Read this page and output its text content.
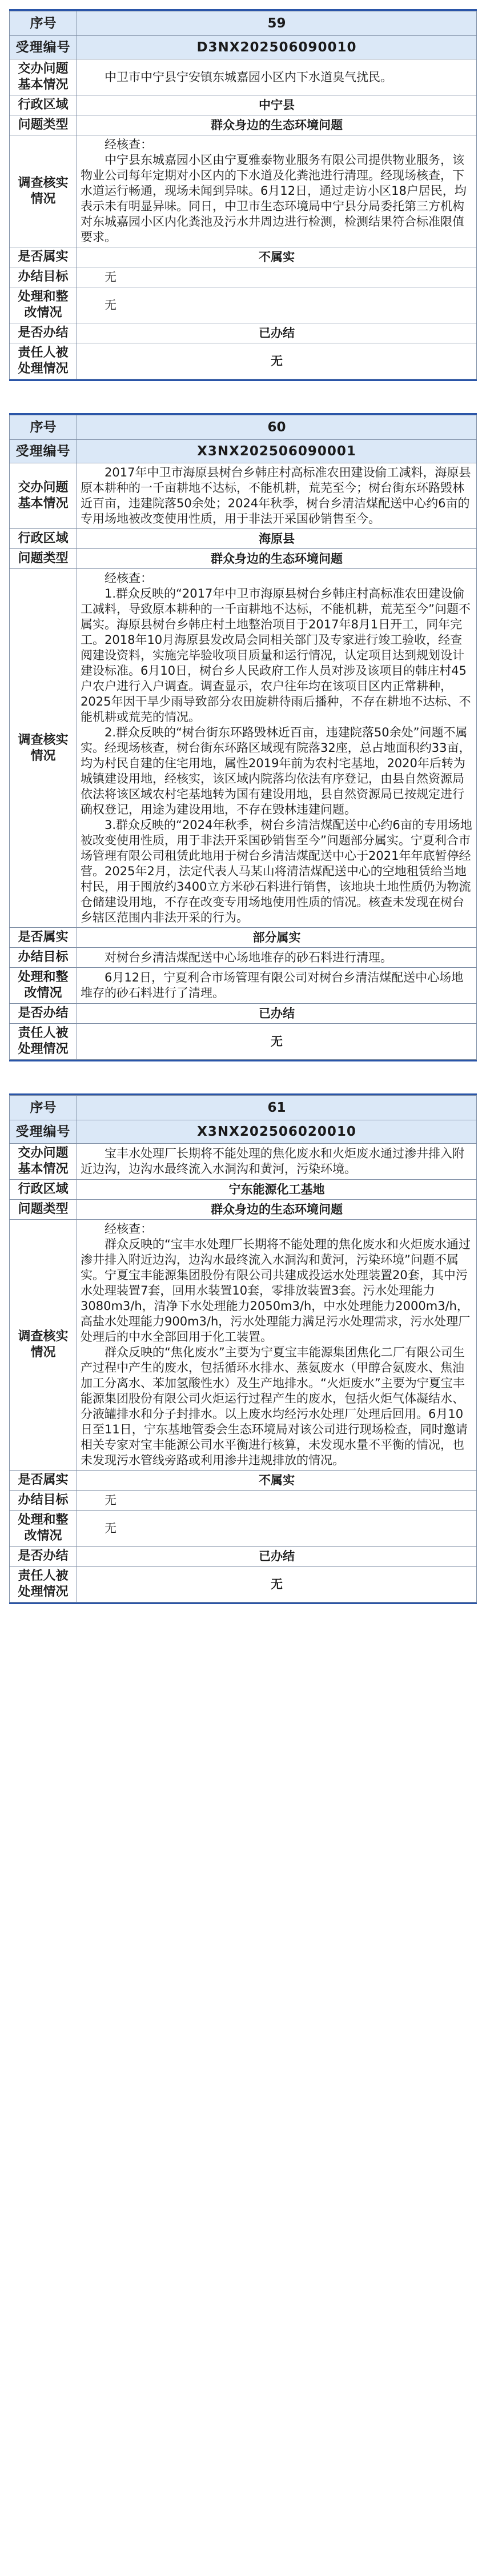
序号	59
受理编号	D3NX202506090010
交办问题基本情况	中卫市中宁县宁安镇东城嘉园小区内下水道臭气扰民。

行政区域	中宁县
问题类型	群众身边的生态环境问题
调查核实情况	经核查：

中宁县东城嘉园小区由宁夏雅泰物业服务有限公司提供物业服务，该物业公司每年定期对小区内的下水道及化粪池进行清理。经现场核查，下水道运行畅通，现场未闻到异味。6月12日，通过走访小区18户居民，均表示未有明显异味。同日，中卫市生态环境局中宁县分局委托第三方机构对东城嘉园小区内化粪池及污水井周边进行检测，检测结果符合标准限值要求。

是否属实	不属实
办结目标	无

处理和整改情况	无

是否办结	已办结
责任人被处理情况	无
序号	60
受理编号	X3NX202506090001
交办问题基本情况	2017年中卫市海原县树台乡韩庄村高标准农田建设偷工减料，海原县原本耕种的一千亩耕地不达标，不能机耕，荒芜至今；树台街东环路毁林近百亩，违建院落50余处；2024年秋季，树台乡清洁煤配送中心约6亩的专用场地被改变使用性质，用于非法开采国砂销售至今。

行政区域	海原县
问题类型	群众身边的生态环境问题
调查核实情况	经核查：

1.群众反映的“2017年中卫市海原县树台乡韩庄村高标准农田建设偷工减料，导致原本耕种的一千亩耕地不达标，不能机耕，荒芜至今”问题不属实。海原县树台乡韩庄村土地整治项目于2017年8月1日开工，同年完工。2018年10月海原县发改局会同相关部门及专家进行竣工验收，经查阅建设资料，实施完毕验收项目质量和运行情况，认定项目达到规划设计建设标准。6月10日，树台乡人民政府工作人员对涉及该项目的韩庄村45户农户进行入户调查。调查显示，农户往年均在该项目区内正常耕种，2025年因干旱少雨导致部分农田旋耕待雨后播种，不存在耕地不达标、不能机耕或荒芜的情况。

2.群众反映的“树台街东环路毁林近百亩，违建院落50余处”问题不属实。经现场核查，树台街东环路区域现有院落32座，总占地面积约33亩，均为村民自建的住宅用地，属性2019年前为农村宅基地，2020年后转为城镇建设用地，经核实，该区域内院落均依法有序登记，由县自然资源局依法将该区域农村宅基地转为国有建设用地，县自然资源局已按规定进行确权登记，用途为建设用地，不存在毁林违建问题。

3.群众反映的“2024年秋季，树台乡清洁煤配送中心约6亩的专用场地被改变使用性质，用于非法开采国砂销售至今”问题部分属实。宁夏利合市场管理有限公司租赁此地用于树台乡清洁煤配送中心于2021年年底暂停经营。2025年2月，法定代表人马某山将清洁煤配送中心的空地租赁给当地村民，用于囤放约3400立方米砂石料进行销售，该地块土地性质仍为物流仓储建设用地，不存在改变专用场地使用性质的情况。核查未发现在树台乡辖区范围内非法开采的行为。

是否属实	部分属实
办结目标	对树台乡清洁煤配送中心场地堆存的砂石料进行清理。

处理和整改情况	6月12日，宁夏利合市场管理有限公司对树台乡清洁煤配送中心场地堆存的砂石料进行了清理。

是否办结	已办结
责任人被处理情况	无
序号	61
受理编号	X3NX202506020010
交办问题基本情况	宝丰水处理厂长期将不能处理的焦化废水和火炬废水通过渗井排入附近边沟，边沟水最终流入水洞沟和黄河，污染环境。

行政区域	宁东能源化工基地
问题类型	群众身边的生态环境问题
调查核实情况	经核查：

群众反映的“宝丰水处理厂长期将不能处理的焦化废水和火炬废水通过渗井排入附近边沟，边沟水最终流入水洞沟和黄河，污染环境”问题不属实。宁夏宝丰能源集团股份有限公司共建成投运水处理装置20套，其中污水处理装置7套，回用水装置10套，零排放装置3套。污水处理能力3080m3/h，清净下水处理能力2050m3/h，中水处理能力2000m3/h，高盐水处理能力900m3/h，污水处理能力满足污水处理需求，污水处理厂处理后的中水全部回用于化工装置。

群众反映的“焦化废水”主要为宁夏宝丰能源集团焦化二厂有限公司生产过程中产生的废水，包括循环水排水、蒸氨废水（甲醇合氨废水、焦油加工分离水、苯加氢酸性水）及生产地排水。“火炬废水”主要为宁夏宝丰能源集团股份有限公司火炬运行过程产生的废水，包括火炬气体凝结水、分液罐排水和分子封排水。以上废水均经污水处理厂处理后回用。6月10日至11日，宁东基地管委会生态环境局对该公司进行现场检查，同时邀请相关专家对宝丰能源公司水平衡进行核算，未发现水量不平衡的情况，也未发现污水管线旁路或利用渗井违规排放的情况。

是否属实	不属实
办结目标	无

处理和整改情况	无

是否办结	已办结
责任人被处理情况	无
